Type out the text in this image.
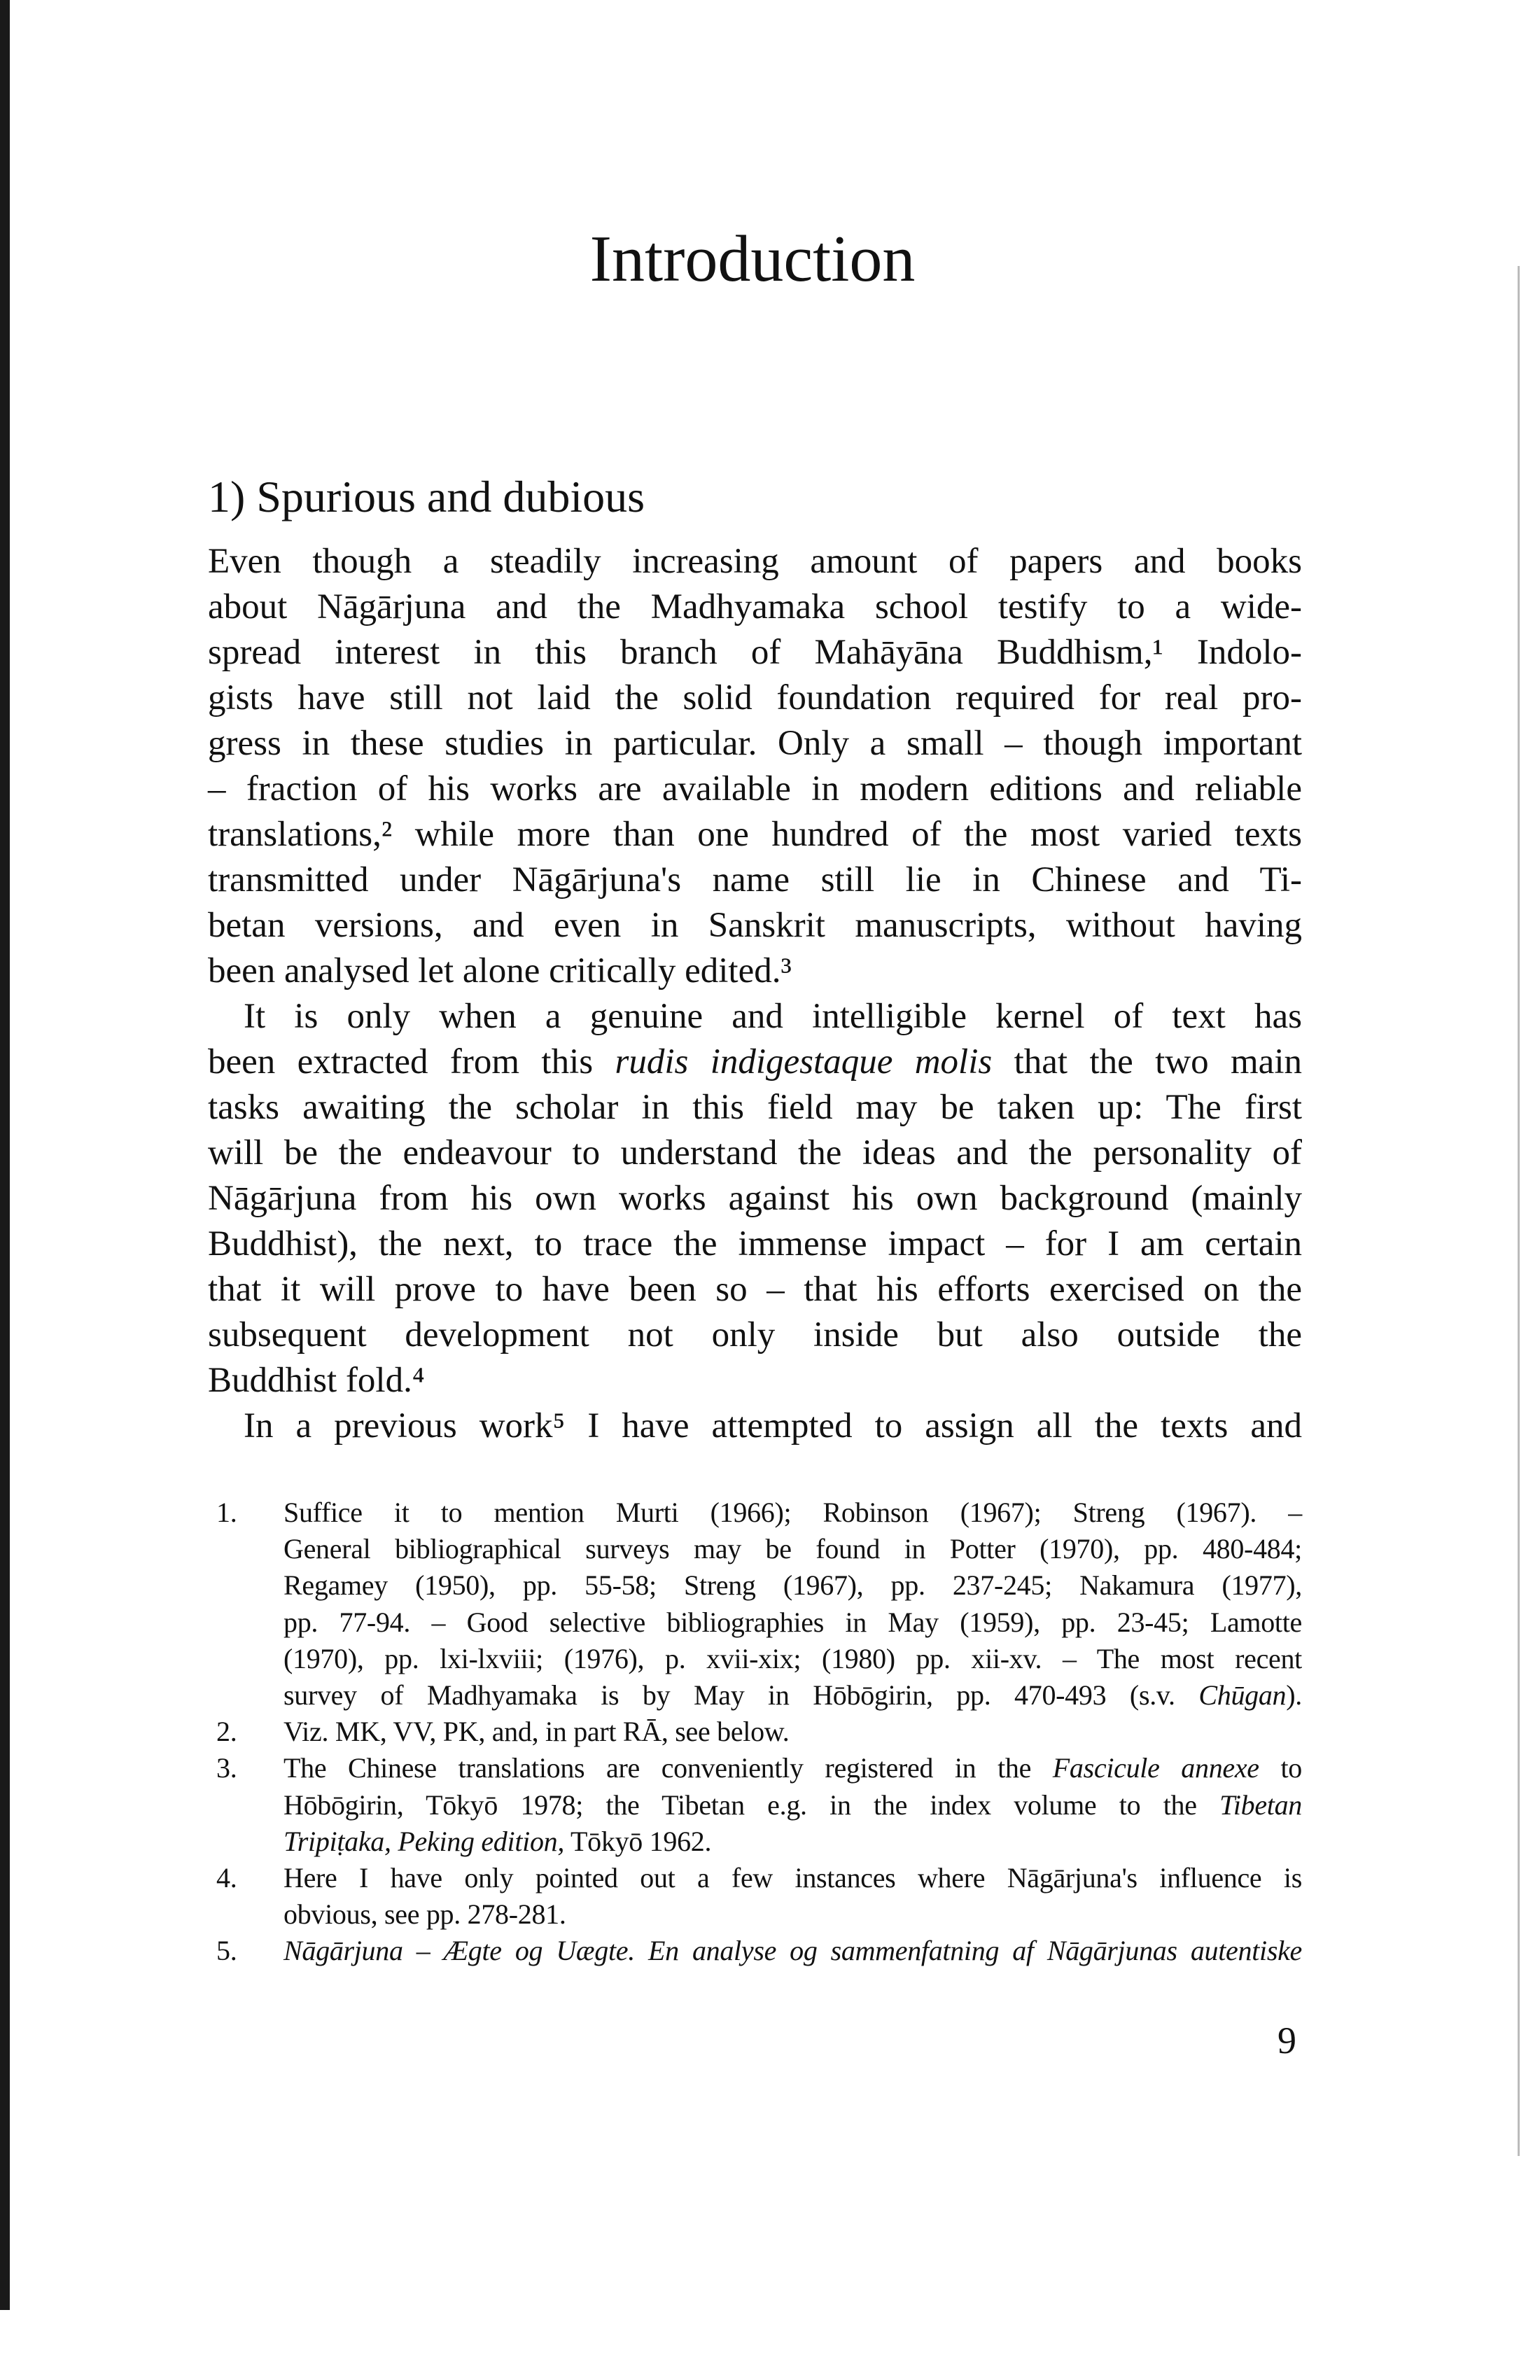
Introduction
1) Spurious and dubious
Even though a steadily increasing amount of papers and books
about Nāgārjuna and the Madhyamaka school testify to a wide-
spread interest in this branch of Mahāyāna Buddhism,¹ Indolo-
gists have still not laid the solid foundation required for real pro-
gress in these studies in particular. Only a small – though important
– fraction of his works are available in modern editions and reliable
translations,² while more than one hundred of the most varied texts
transmitted under Nāgārjuna's name still lie in Chinese and Ti-
betan versions, and even in Sanskrit manuscripts, without having
been analysed let alone critically edited.³
 It is only when a genuine and intelligible kernel of text has
been extracted from this rudis indigestaque molis that the two main
tasks awaiting the scholar in this field may be taken up: The first
will be the endeavour to understand the ideas and the personality of
Nāgārjuna from his own works against his own background (mainly
Buddhist), the next, to trace the immense impact – for I am certain
that it will prove to have been so – that his efforts exercised on the
subsequent development not only inside but also outside the
Buddhist fold.⁴
 In a previous work⁵ I have attempted to assign all the texts and
1. Suffice it to mention Murti (1966); Robinson (1967); Streng (1967). –
General bibliographical surveys may be found in Potter (1970), pp. 480-484;
Regamey (1950), pp. 55-58; Streng (1967), pp. 237-245; Nakamura (1977),
pp. 77-94. – Good selective bibliographies in May (1959), pp. 23-45; Lamotte
(1970), pp. lxi-lxviii; (1976), p. xvii-xix; (1980) pp. xii-xv. – The most recent
survey of Madhyamaka is by May in Hōbōgirin, pp. 470-493 (s.v. Chūgan).
2. Viz. MK, VV, PK, and, in part RĀ, see below.
3. The Chinese translations are conveniently registered in the Fascicule annexe to
Hōbōgirin, Tōkyō 1978; the Tibetan e.g. in the index volume to the Tibetan
Tripiṭaka, Peking edition, Tōkyō 1962.
4. Here I have only pointed out a few instances where Nāgārjuna's influence is
obvious, see pp. 278-281.
5. Nāgārjuna – Ægte og Uægte. En analyse og sammenfatning af Nāgārjunas autentiske
9
